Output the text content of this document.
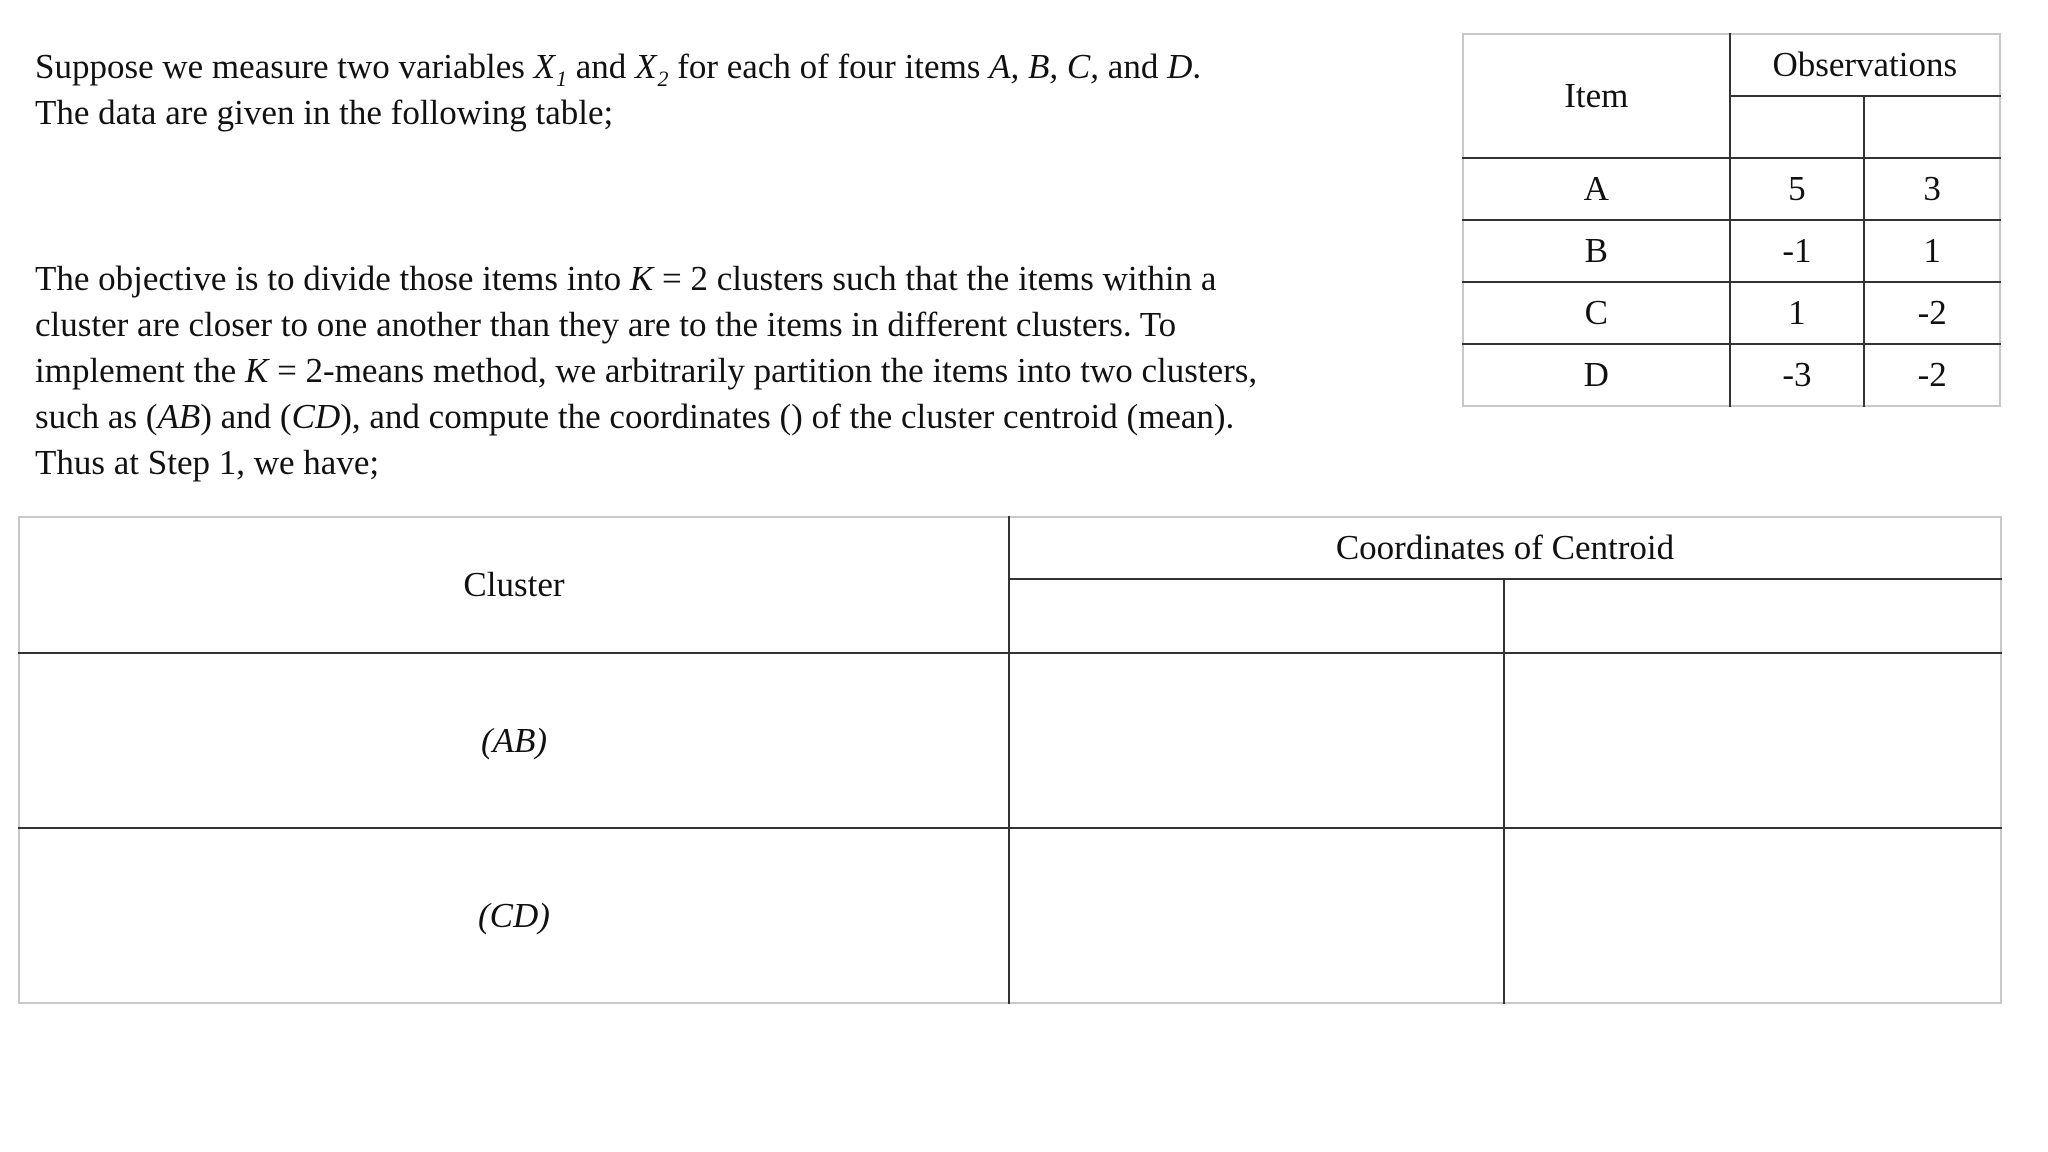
Suppose we measure two variables $X_1$ and $X_2$ for each of four items A, B, C, and D.
The data are given in the following table;
The objective is to divide those items into K = 2 clusters such that the items within a
cluster are closer to one another than they are to the items in different clusters. To
implement the K = 2-means method, we arbitrarily partition the items into two clusters,
such as (AB) and (CD), and compute the coordinates () of the cluster centroid (mean).
Thus at Step 1, we have;
Item	Observations	

A	5	3
B	-1	1
C	1	-2
D	-3	-2
Cluster	Coordinates of Centroid	

(AB)		
(CD)		
